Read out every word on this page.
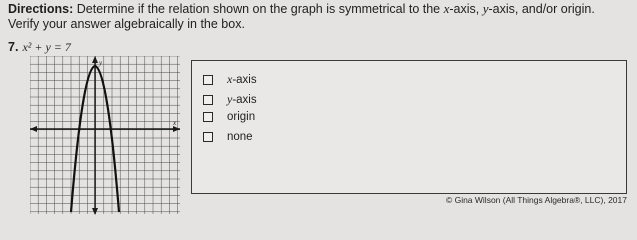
Directions: Determine if the relation shown on the graph is symmetrical to the x-axis, y-axis, and/or origin. Verify your answer algebraically in the box.
7. x² + y = 7
y
x
x-axis
y-axis
origin
none
© Gina Wilson (All Things Algebra®, LLC), 2017
